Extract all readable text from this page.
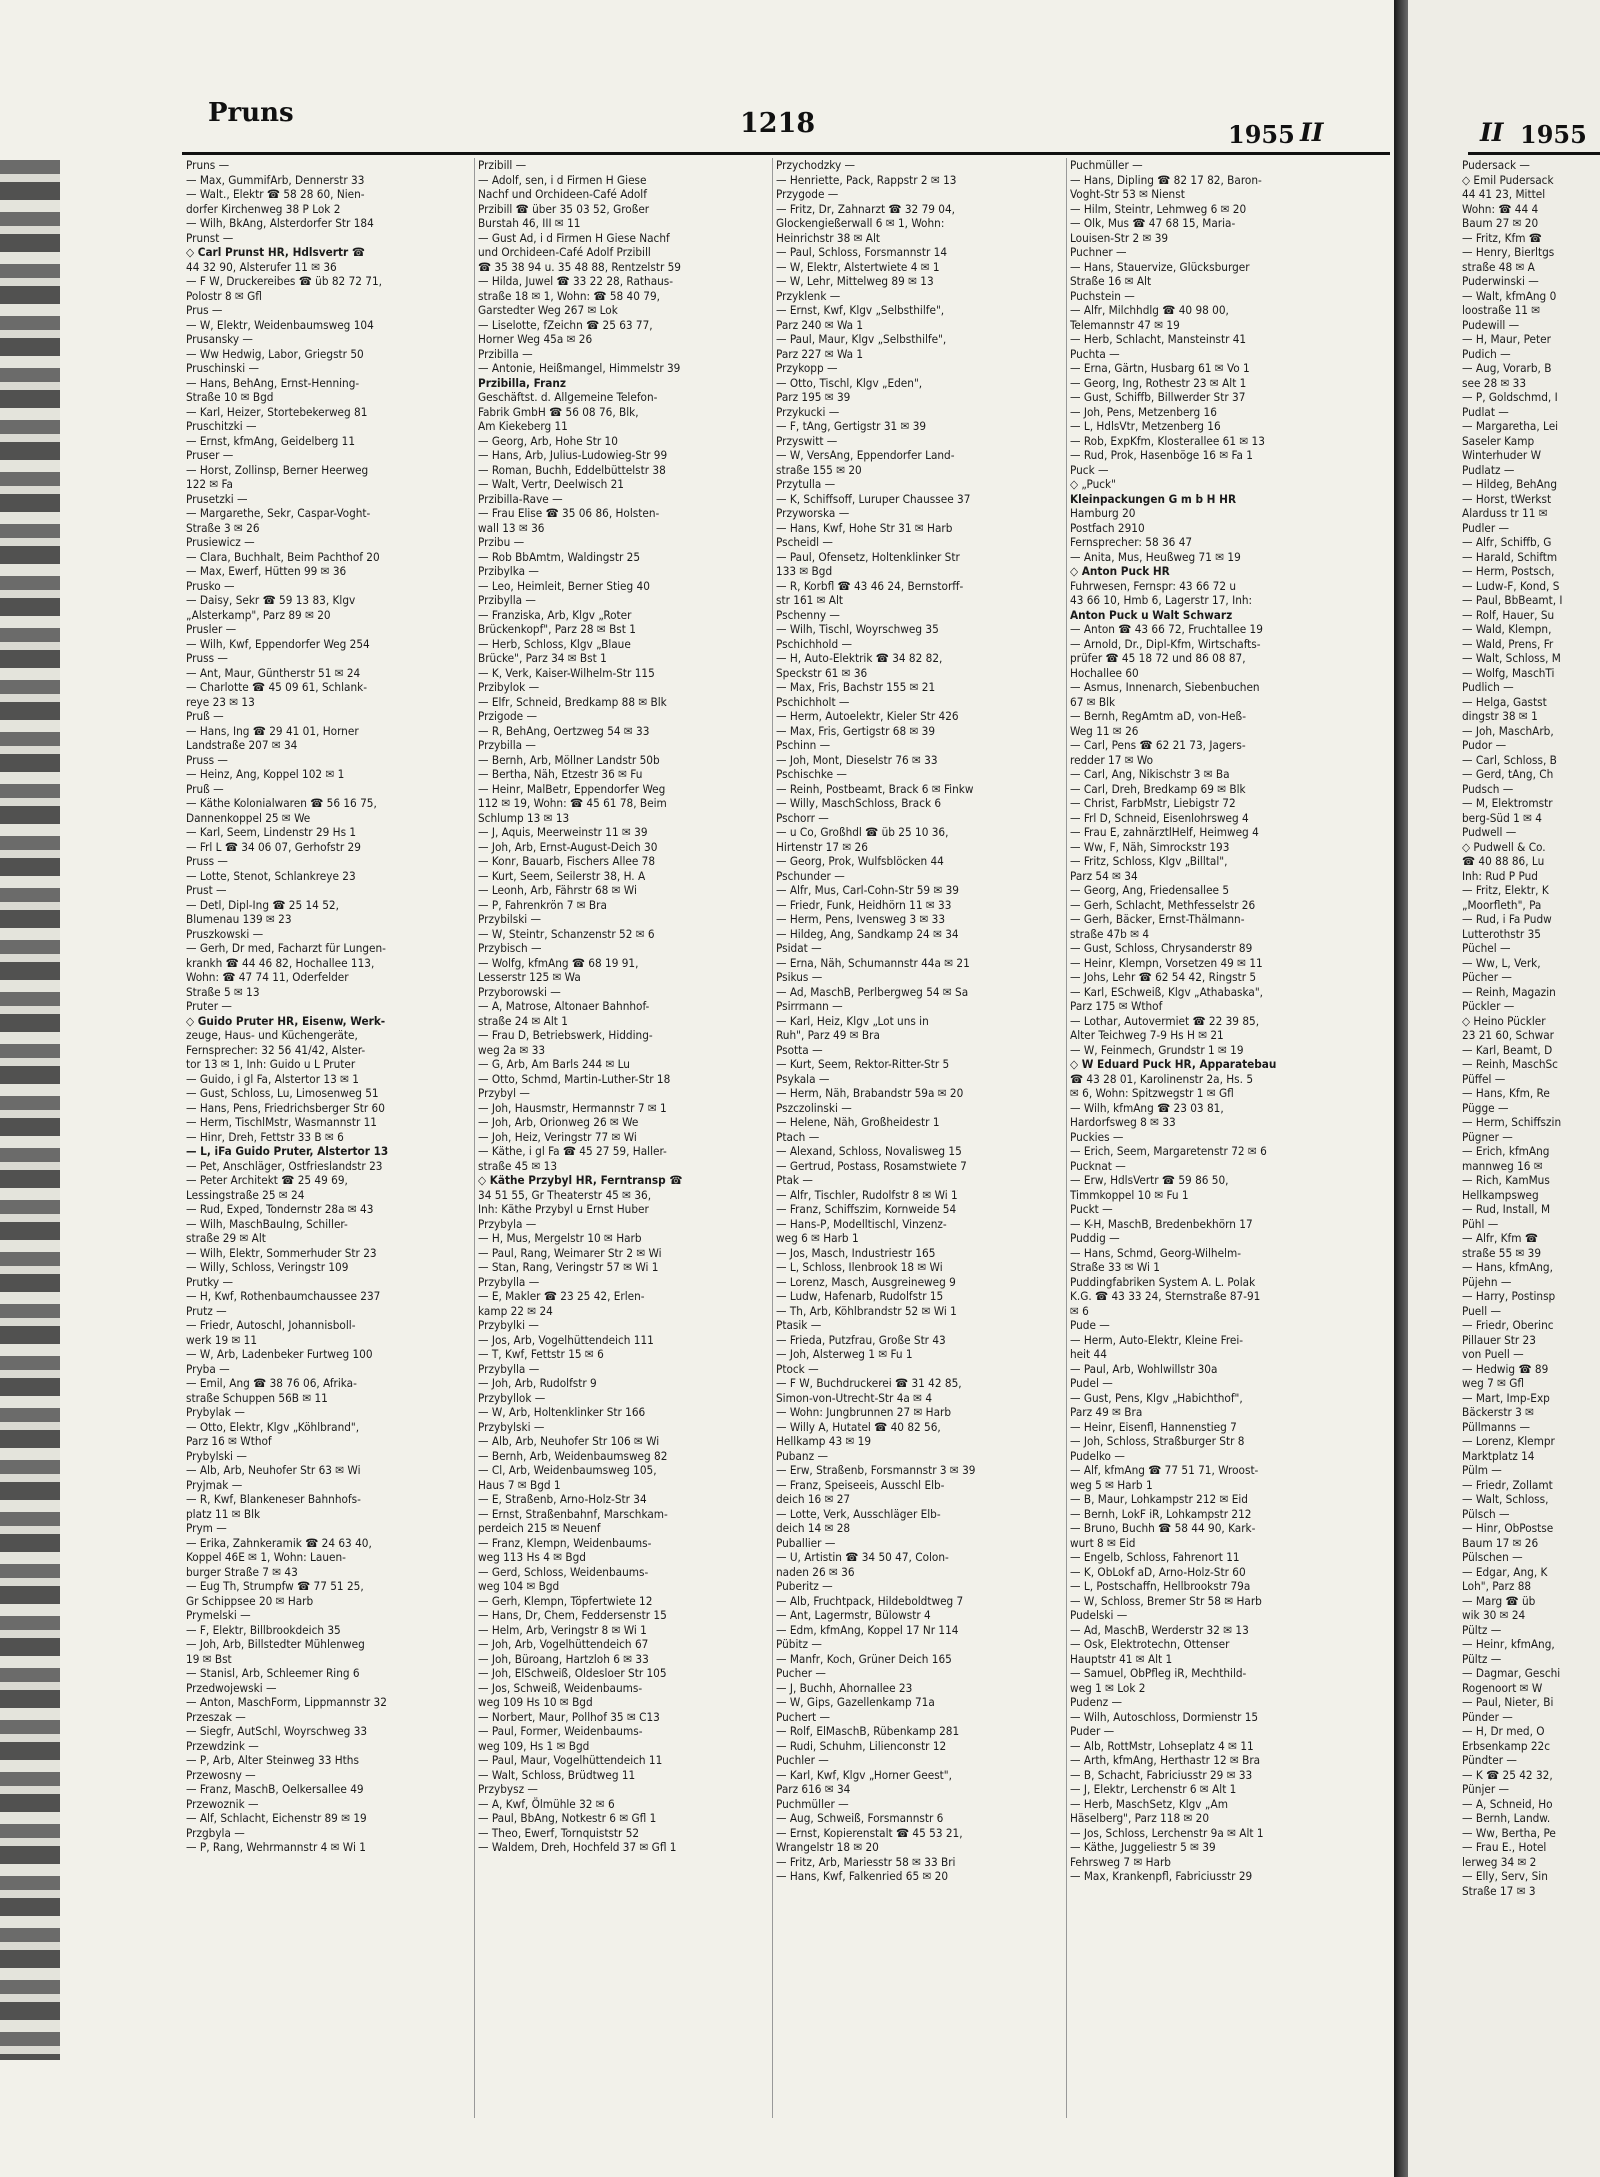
Pruns	1218	1955 II	II 1955
Pruns —
— Max, GummifArb, Dennerstr 33
— Walt., Elektr ☎ 58 28 60, Nien-
dorfer Kirchenweg 38 P Lok 2
— Wilh, BkAng, Alsterdorfer Str 184
Prunst —
◇ Carl Prunst HR, Hdlsvertr ☎
44 32 90, Alsterufer 11 ✉ 36
— F W, Druckereibes ☎ üb 82 72 71,
Polostr 8 ✉ Gfl
Prus —
— W, Elektr, Weidenbaumsweg 104
Prusansky —
— Ww Hedwig, Labor, Griegstr 50
Pruschinski —
— Hans, BehAng, Ernst-Henning-
Straße 10 ✉ Bgd
— Karl, Heizer, Stortebekerweg 81
Pruschitzki —
— Ernst, kfmAng, Geidelberg 11
Pruser —
— Horst, Zollinsp, Berner Heerweg
122 ✉ Fa
Prusetzki —
— Margarethe, Sekr, Caspar-Voght-
Straße 3 ✉ 26
Prusiewicz —
— Clara, Buchhalt, Beim Pachthof 20
— Max, Ewerf, Hütten 99 ✉ 36
Prusko —
— Daisy, Sekr ☎ 59 13 83, Klgv
„Alsterkamp", Parz 89 ✉ 20
Prusler —
— Wilh, Kwf, Eppendorfer Weg 254
Pruss —
— Ant, Maur, Güntherstr 51 ✉ 24
— Charlotte ☎ 45 09 61, Schlank-
reye 23 ✉ 13
Pruß —
— Hans, Ing ☎ 29 41 01, Horner
Landstraße 207 ✉ 34
Pruss —
— Heinz, Ang, Koppel 102 ✉ 1
Pruß —
— Käthe Kolonialwaren ☎ 56 16 75,
Dannenkoppel 25 ✉ We
— Karl, Seem, Lindenstr 29 Hs 1
— Frl L ☎ 34 06 07, Gerhofstr 29
Pruss —
— Lotte, Stenot, Schlankreye 23
Prust —
— Detl, Dipl-Ing ☎ 25 14 52,
Blumenau 139 ✉ 23
Pruszkowski —
— Gerh, Dr med, Facharzt für Lungen-
krankh ☎ 44 46 82, Hochallee 113,
Wohn: ☎ 47 74 11, Oderfelder
Straße 5 ✉ 13
Pruter —
◇ Guido Pruter HR, Eisenw, Werk-
zeuge, Haus- und Küchengeräte,
Fernsprecher: 32 56 41/42, Alster-
tor 13 ✉ 1, Inh: Guido u L Pruter
— Guido, i gl Fa, Alstertor 13 ✉ 1
— Gust, Schloss, Lu, Limosenweg 51
— Hans, Pens, Friedrichsberger Str 60
— Herm, TischlMstr, Wasmannstr 11
— Hinr, Dreh, Fettstr 33 B ✉ 6
— L, iFa Guido Pruter, Alstertor 13
— Pet, Anschläger, Ostfrieslandstr 23
— Peter Architekt ☎ 25 49 69,
Lessingstraße 25 ✉ 24
— Rud, Exped, Tondernstr 28a ✉ 43
— Wilh, MaschBauIng, Schiller-
straße 29 ✉ Alt
— Wilh, Elektr, Sommerhuder Str 23
— Willy, Schloss, Veringstr 109
Prutky —
— H, Kwf, Rothenbaumchaussee 237
Prutz —
— Friedr, Autoschl, Johannisboll-
werk 19 ✉ 11
— W, Arb, Ladenbeker Furtweg 100
Pryba —
— Emil, Ang ☎ 38 76 06, Afrika-
straße Schuppen 56B ✉ 11
Prybylak —
— Otto, Elektr, Klgv „Köhlbrand",
Parz 16 ✉ Wthof
Prybylski —
— Alb, Arb, Neuhofer Str 63 ✉ Wi
Pryjmak —
— R, Kwf, Blankeneser Bahnhofs-
platz 11 ✉ Blk
Prym —
— Erika, Zahnkeramik ☎ 24 63 40,
Koppel 46E ✉ 1, Wohn: Lauen-
burger Straße 7 ✉ 43
— Eug Th, Strumpfw ☎ 77 51 25,
Gr Schippsee 20 ✉ Harb
Prymelski —
— F, Elektr, Billbrookdeich 35
— Joh, Arb, Billstedter Mühlenweg
19 ✉ Bst
— Stanisl, Arb, Schleemer Ring 6
Przedwojewski —
— Anton, MaschForm, Lippmannstr 32
Przeszak —
— Siegfr, AutSchl, Woyrschweg 33
Przewdzink —
— P, Arb, Alter Steinweg 33 Hths
Przewosny —
— Franz, MaschB, Oelkersallee 49
Przewoznik —
— Alf, Schlacht, Eichenstr 89 ✉ 19
Przgbyla —
— P, Rang, Wehrmannstr 4 ✉ Wi 1
Przibill —
— Adolf, sen, i d Firmen H Giese
Nachf und Orchideen-Café Adolf
Przibill ☎ über 35 03 52, Großer
Burstah 46, III ✉ 11
— Gust Ad, i d Firmen H Giese Nachf
und Orchideen-Café Adolf Przibill
☎ 35 38 94 u. 35 48 88, Rentzelstr 59
— Hilda, Juwel ☎ 33 22 28, Rathaus-
straße 18 ✉ 1, Wohn: ☎ 58 40 79,
Garstedter Weg 267 ✉ Lok
— Liselotte, fZeichn ☎ 25 63 77,
Horner Weg 45a ✉ 26
Przibilla —
— Antonie, Heißmangel, Himmelstr 39
Przibilla, Franz
Geschäftst. d. Allgemeine Telefon-
Fabrik GmbH ☎ 56 08 76, Blk,
Am Kiekeberg 11
— Georg, Arb, Hohe Str 10
— Hans, Arb, Julius-Ludowieg-Str 99
— Roman, Buchh, Eddelbüttelstr 38
— Walt, Vertr, Deelwisch 21
Przibilla-Rave —
— Frau Elise ☎ 35 06 86, Holsten-
wall 13 ✉ 36
Przibu —
— Rob BbAmtm, Waldingstr 25
Przibylka —
— Leo, Heimleit, Berner Stieg 40
Przibylla —
— Franziska, Arb, Klgv „Roter
Brückenkopf", Parz 28 ✉ Bst 1
— Herb, Schloss, Klgv „Blaue
Brücke", Parz 34 ✉ Bst 1
— K, Verk, Kaiser-Wilhelm-Str 115
Przibylok —
— Elfr, Schneid, Bredkamp 88 ✉ Blk
Przigode —
— R, BehAng, Oertzweg 54 ✉ 33
Przybilla —
— Bernh, Arb, Möllner Landstr 50b
— Bertha, Näh, Etzestr 36 ✉ Fu
— Heinr, MalBetr, Eppendorfer Weg
112 ✉ 19, Wohn: ☎ 45 61 78, Beim
Schlump 13 ✉ 13
— J, Aquis, Meerweinstr 11 ✉ 39
— Joh, Arb, Ernst-August-Deich 30
— Konr, Bauarb, Fischers Allee 78
— Kurt, Seem, Seilerstr 38, H. A
— Leonh, Arb, Fährstr 68 ✉ Wi
— P, Fahrenkrön 7 ✉ Bra
Przybilski —
— W, Steintr, Schanzenstr 52 ✉ 6
Przybisch —
— Wolfg, kfmAng ☎ 68 19 91,
Lesserstr 125 ✉ Wa
Przyborowski —
— A, Matrose, Altonaer Bahnhof-
straße 24 ✉ Alt 1
— Frau D, Betriebswerk, Hidding-
weg 2a ✉ 33
— G, Arb, Am Barls 244 ✉ Lu
— Otto, Schmd, Martin-Luther-Str 18
Przybyl —
— Joh, Hausmstr, Hermannstr 7 ✉ 1
— Joh, Arb, Orionweg 26 ✉ We
— Joh, Heiz, Veringstr 77 ✉ Wi
— Käthe, i gl Fa ☎ 45 27 59, Haller-
straße 45 ✉ 13
◇ Käthe Przybyl HR, Ferntransp ☎
34 51 55, Gr Theaterstr 45 ✉ 36,
Inh: Käthe Przybyl u Ernst Huber
Przybyla —
— H, Mus, Mergelstr 10 ✉ Harb
— Paul, Rang, Weimarer Str 2 ✉ Wi
— Stan, Rang, Veringstr 57 ✉ Wi 1
Przybylla —
— E, Makler ☎ 23 25 42, Erlen-
kamp 22 ✉ 24
Przybylki —
— Jos, Arb, Vogelhüttendeich 111
— T, Kwf, Fettstr 15 ✉ 6
Przybylla —
— Joh, Arb, Rudolfstr 9
Przybyllok —
— W, Arb, Holtenklinker Str 166
Przybylski —
— Alb, Arb, Neuhofer Str 106 ✉ Wi
— Bernh, Arb, Weidenbaumsweg 82
— Cl, Arb, Weidenbaumsweg 105,
Haus 7 ✉ Bgd 1
— E, Straßenb, Arno-Holz-Str 34
— Ernst, Straßenbahnf, Marschkam-
perdeich 215 ✉ Neuenf
— Franz, Klempn, Weidenbaums-
weg 113 Hs 4 ✉ Bgd
— Gerd, Schloss, Weidenbaums-
weg 104 ✉ Bgd
— Gerh, Klempn, Töpfertwiete 12
— Hans, Dr, Chem, Feddersenstr 15
— Helm, Arb, Veringstr 8 ✉ Wi 1
— Joh, Arb, Vogelhüttendeich 67
— Joh, Büroang, Hartzloh 6 ✉ 33
— Joh, ElSchweiß, Oldesloer Str 105
— Jos, Schweiß, Weidenbaums-
weg 109 Hs 10 ✉ Bgd
— Norbert, Maur, Pollhof 35 ✉ C13
— Paul, Former, Weidenbaums-
weg 109, Hs 1 ✉ Bgd
— Paul, Maur, Vogelhüttendeich 11
— Walt, Schloss, Brüdtweg 11
Przybysz —
— A, Kwf, Ölmühle 32 ✉ 6
— Paul, BbAng, Notkestr 6 ✉ Gfl 1
— Theo, Ewerf, Tornquiststr 52
— Waldem, Dreh, Hochfeld 37 ✉ Gfl 1
Przychodzky —
— Henriette, Pack, Rappstr 2 ✉ 13
Przygode —
— Fritz, Dr, Zahnarzt ☎ 32 79 04,
Glockengießerwall 6 ✉ 1, Wohn:
Heinrichstr 38 ✉ Alt
— Paul, Schloss, Forsmannstr 14
— W, Elektr, Alstertwiete 4 ✉ 1
— W, Lehr, Mittelweg 89 ✉ 13
Przyklenk —
— Ernst, Kwf, Klgv „Selbsthilfe",
Parz 240 ✉ Wa 1
— Paul, Maur, Klgv „Selbsthilfe",
Parz 227 ✉ Wa 1
Przykopp —
— Otto, Tischl, Klgv „Eden",
Parz 195 ✉ 39
Przykucki —
— F, tAng, Gertigstr 31 ✉ 39
Przyswitt —
— W, VersAng, Eppendorfer Land-
straße 155 ✉ 20
Przytulla —
— K, Schiffsoff, Luruper Chaussee 37
Przyworska —
— Hans, Kwf, Hohe Str 31 ✉ Harb
Pscheidl —
— Paul, Ofensetz, Holtenklinker Str
133 ✉ Bgd
— R, Korbfl ☎ 43 46 24, Bernstorff-
str 161 ✉ Alt
Pschenny —
— Wilh, Tischl, Woyrschweg 35
Pschichhold —
— H, Auto-Elektrik ☎ 34 82 82,
Speckstr 61 ✉ 36
— Max, Fris, Bachstr 155 ✉ 21
Pschichholt —
— Herm, Autoelektr, Kieler Str 426
— Max, Fris, Gertigstr 68 ✉ 39
Pschinn —
— Joh, Mont, Dieselstr 76 ✉ 33
Pschischke —
— Reinh, Postbeamt, Brack 6 ✉ Finkw
— Willy, MaschSchloss, Brack 6
Pschorr —
— u Co, Großhdl ☎ üb 25 10 36,
Hirtenstr 17 ✉ 26
— Georg, Prok, Wulfsblöcken 44
Pschunder —
— Alfr, Mus, Carl-Cohn-Str 59 ✉ 39
— Friedr, Funk, Heidhörn 11 ✉ 33
— Herm, Pens, Ivensweg 3 ✉ 33
— Hildeg, Ang, Sandkamp 24 ✉ 34
Psidat —
— Erna, Näh, Schumannstr 44a ✉ 21
Psikus —
— Ad, MaschB, Perlbergweg 54 ✉ Sa
Psirrmann —
— Karl, Heiz, Klgv „Lot uns in
Ruh", Parz 49 ✉ Bra
Psotta —
— Kurt, Seem, Rektor-Ritter-Str 5
Psykala —
— Herm, Näh, Brabandstr 59a ✉ 20
Pszczolinski —
— Helene, Näh, Großheidestr 1
Ptach —
— Alexand, Schloss, Novalisweg 15
— Gertrud, Postass, Rosamstwiete 7
Ptak —
— Alfr, Tischler, Rudolfstr 8 ✉ Wi 1
— Franz, Schiffszim, Kornweide 54
— Hans-P, Modelltischl, Vinzenz-
weg 6 ✉ Harb 1
— Jos, Masch, Industriestr 165
— L, Schloss, Ilenbrook 18 ✉ Wi
— Lorenz, Masch, Ausgreineweg 9
— Ludw, Hafenarb, Rudolfstr 15
— Th, Arb, Köhlbrandstr 52 ✉ Wi 1
Ptasik —
— Frieda, Putzfrau, Große Str 43
— Joh, Alsterweg 1 ✉ Fu 1
Ptock —
— F W, Buchdruckerei ☎ 31 42 85,
Simon-von-Utrecht-Str 4a ✉ 4
— Wohn: Jungbrunnen 27 ✉ Harb
— Willy A, Hutatel ☎ 40 82 56,
Hellkamp 43 ✉ 19
Pubanz —
— Erw, Straßenb, Forsmannstr 3 ✉ 39
— Franz, Speiseeis, Ausschl Elb-
deich 16 ✉ 27
— Lotte, Verk, Ausschläger Elb-
deich 14 ✉ 28
Puballier —
— U, Artistin ☎ 34 50 47, Colon-
naden 26 ✉ 36
Puberitz —
— Alb, Fruchtpack, Hildeboldtweg 7
— Ant, Lagermstr, Bülowstr 4
— Edm, kfmAng, Koppel 17 Nr 114
Pübitz —
— Manfr, Koch, Grüner Deich 165
Pucher —
— J, Buchh, Ahornallee 23
— W, Gips, Gazellenkamp 71a
Puchert —
— Rolf, ElMaschB, Rübenkamp 281
— Rudi, Schuhm, Lilienconstr 12
Puchler —
— Karl, Kwf, Klgv „Horner Geest",
Parz 616 ✉ 34
Puchmüller —
— Aug, Schweiß, Forsmannstr 6
— Ernst, Kopierenstalt ☎ 45 53 21,
Wrangelstr 18 ✉ 20
— Fritz, Arb, Mariesstr 58 ✉ 33 Bri
— Hans, Kwf, Falkenried 65 ✉ 20
Puchmüller —
— Hans, Dipling ☎ 82 17 82, Baron-
Voght-Str 53 ✉ Nienst
— Hilm, Steintr, Lehmweg 6 ✉ 20
— Olk, Mus ☎ 47 68 15, Maria-
Louisen-Str 2 ✉ 39
Puchner —
— Hans, Stauervize, Glücksburger
Straße 16 ✉ Alt
Puchstein —
— Alfr, Milchhdlg ☎ 40 98 00,
Telemannstr 47 ✉ 19
— Herb, Schlacht, Mansteinstr 41
Puchta —
— Erna, Gärtn, Husbarg 61 ✉ Vo 1
— Georg, Ing, Rothestr 23 ✉ Alt 1
— Gust, Schiffb, Billwerder Str 37
— Joh, Pens, Metzenberg 16
— L, HdlsVtr, Metzenberg 16
— Rob, ExpKfm, Klosterallee 61 ✉ 13
— Rud, Prok, Hasenböge 16 ✉ Fa 1
Puck —
◇ „Puck"
Kleinpackungen G m b H HR
Hamburg 20
Postfach 2910
Fernsprecher: 58 36 47
— Anita, Mus, Heußweg 71 ✉ 19
◇ Anton Puck HR
Fuhrwesen, Fernspr: 43 66 72 u
43 66 10, Hmb 6, Lagerstr 17, Inh:
Anton Puck u Walt Schwarz
— Anton ☎ 43 66 72, Fruchtallee 19
— Arnold, Dr., Dipl-Kfm, Wirtschafts-
prüfer ☎ 45 18 72 und 86 08 87,
Hochallee 60
— Asmus, Innenarch, Siebenbuchen
67 ✉ Blk
— Bernh, RegAmtm aD, von-Heß-
Weg 11 ✉ 26
— Carl, Pens ☎ 62 21 73, Jagers-
redder 17 ✉ Wo
— Carl, Ang, Nikischstr 3 ✉ Ba
— Carl, Dreh, Bredkamp 69 ✉ Blk
— Christ, FarbMstr, Liebigstr 72
— Frl D, Schneid, Eisenlohrsweg 4
— Frau E, zahnärztlHelf, Heimweg 4
— Ww, F, Näh, Simrockstr 193
— Fritz, Schloss, Klgv „Billtal",
Parz 54 ✉ 34
— Georg, Ang, Friedensallee 5
— Gerh, Schlacht, Methfesselstr 26
— Gerh, Bäcker, Ernst-Thälmann-
straße 47b ✉ 4
— Gust, Schloss, Chrysanderstr 89
— Heinr, Klempn, Vorsetzen 49 ✉ 11
— Johs, Lehr ☎ 62 54 42, Ringstr 5
— Karl, ESchweiß, Klgv „Athabaska",
Parz 175 ✉ Wthof
— Lothar, Autovermiet ☎ 22 39 85,
Alter Teichweg 7-9 Hs H ✉ 21
— W, Feinmech, Grundstr 1 ✉ 19
◇ W Eduard Puck HR, Apparatebau
☎ 43 28 01, Karolinenstr 2a, Hs. 5
✉ 6, Wohn: Spitzwegstr 1 ✉ Gfl
— Wilh, kfmAng ☎ 23 03 81,
Hardorfsweg 8 ✉ 33
Puckies —
— Erich, Seem, Margaretenstr 72 ✉ 6
Pucknat —
— Erw, HdlsVertr ☎ 59 86 50,
Timmkoppel 10 ✉ Fu 1
Puckt —
— K-H, MaschB, Bredenbekhörn 17
Puddig —
— Hans, Schmd, Georg-Wilhelm-
Straße 33 ✉ Wi 1
Puddingfabriken System A. L. Polak
K.G. ☎ 43 33 24, Sternstraße 87-91
✉ 6
Pude —
— Herm, Auto-Elektr, Kleine Frei-
heit 44
— Paul, Arb, Wohlwillstr 30a
Pudel —
— Gust, Pens, Klgv „Habichthof",
Parz 49 ✉ Bra
— Heinr, Eisenfl, Hannenstieg 7
— Joh, Schloss, Straßburger Str 8
Pudelko —
— Alf, kfmAng ☎ 77 51 71, Wroost-
weg 5 ✉ Harb 1
— B, Maur, Lohkampstr 212 ✉ Eid
— Bernh, LokF iR, Lohkampstr 212
— Bruno, Buchh ☎ 58 44 90, Kark-
wurt 8 ✉ Eid
— Engelb, Schloss, Fahrenort 11
— K, ObLokf aD, Arno-Holz-Str 60
— L, Postschaffn, Hellbrookstr 79a
— W, Schloss, Bremer Str 58 ✉ Harb
Pudelski —
— Ad, MaschB, Werderstr 32 ✉ 13
— Osk, Elektrotechn, Ottenser
Hauptstr 41 ✉ Alt 1
— Samuel, ObPfleg iR, Mechthild-
weg 1 ✉ Lok 2
Pudenz —
— Wilh, Autoschloss, Dormienstr 15
Puder —
— Alb, RottMstr, Lohseplatz 4 ✉ 11
— Arth, kfmAng, Herthastr 12 ✉ Bra
— B, Schacht, Fabriciusstr 29 ✉ 33
— J, Elektr, Lerchenstr 6 ✉ Alt 1
— Herb, MaschSetz, Klgv „Am
Häselberg", Parz 118 ✉ 20
— Jos, Schloss, Lerchenstr 9a ✉ Alt 1
— Käthe, Juggeliestr 5 ✉ 39
Fehrsweg 7 ✉ Harb
— Max, Krankenpfl, Fabriciusstr 29
Pudersack —
◇ Emil Pudersack
44 41 23, Mittel
Wohn: ☎ 44 4
Baum 27 ✉ 20
— Fritz, Kfm ☎
— Henry, Bierltgs
straße 48 ✉ A
Puderwinski —
— Walt, kfmAng 0
loostraße 11 ✉
Pudewill —
— H, Maur, Peter
Pudich —
— Aug, Vorarb, B
see 28 ✉ 33
— P, Goldschmd, I
Pudlat —
— Margaretha, Lei
Saseler Kamp
Winterhuder W
Pudlatz —
— Hildeg, BehAng
— Horst, tWerkst
Alarduss tr 11 ✉
Pudler —
— Alfr, Schiffb, G
— Harald, Schiftm
— Herm, Postsch,
— Ludw-F, Kond, S
— Paul, BbBeamt, I
— Rolf, Hauer, Su
— Wald, Klempn,
— Wald, Prens, Fr
— Walt, Schloss, M
— Wolfg, MaschTi
Pudlich —
— Helga, Gastst
dingstr 38 ✉ 1
— Joh, MaschArb,
Pudor —
— Carl, Schloss, B
— Gerd, tAng, Ch
Pudsch —
— M, Elektromstr
berg-Süd 1 ✉ 4
Pudwell —
◇ Pudwell & Co.
☎ 40 88 86, Lu
Inh: Rud P Pud
— Fritz, Elektr, K
„Moorfleth", Pa
— Rud, i Fa Pudw
Lutterothstr 35
Püchel —
— Ww, L, Verk,
Pücher —
— Reinh, Magazin
Pückler —
◇ Heino Pückler
23 21 60, Schwar
— Karl, Beamt, D
— Reinh, MaschSc
Püffel —
— Hans, Kfm, Re
Pügge —
— Herm, Schiffszin
Pügner —
— Erich, kfmAng
mannweg 16 ✉
— Rich, KamMus
Hellkampsweg
— Rud, Install, M
Pühl —
— Alfr, Kfm ☎
straße 55 ✉ 39
— Hans, kfmAng,
Püjehn —
— Harry, Postinsp
Puell —
— Friedr, Oberinc
Pillauer Str 23
von Puell —
— Hedwig ☎ 89
weg 7 ✉ Gfl
— Mart, Imp-Exp
Bäckerstr 3 ✉
Püllmanns —
— Lorenz, Klempr
Marktplatz 14
Pülm —
— Friedr, Zollamt
— Walt, Schloss,
Pülsch —
— Hinr, ObPostse
Baum 17 ✉ 26
Pülschen —
— Edgar, Ang, K
Loh", Parz 88
— Marg ☎ üb
wik 30 ✉ 24
Pültz —
— Heinr, kfmAng,
Pültz —
— Dagmar, Geschi
Rogenoort ✉ W
— Paul, Nieter, Bi
Pünder —
— H, Dr med, O
Erbsenkamp 22c
Pündter —
— K ☎ 25 42 32,
Pünjer —
— A, Schneid, Ho
— Bernh, Landw.
— Ww, Bertha, Pe
— Frau E., Hotel
lerweg 34 ✉ 2
— Elly, Serv, Sin
Straße 17 ✉ 3
